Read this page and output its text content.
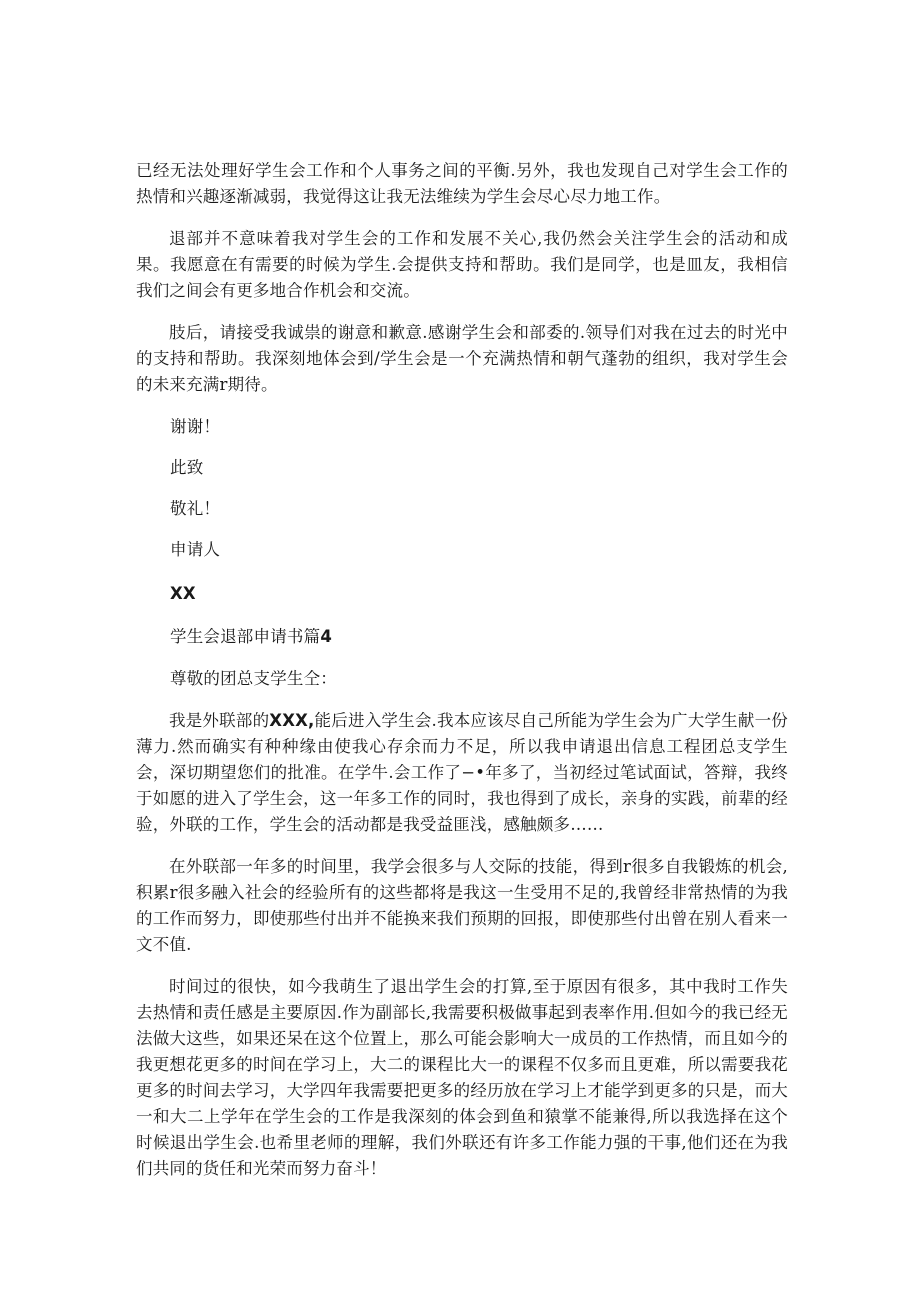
已经无法处理好学生会工作和个人事务之间的平衡.另外，我也发现自己对学生会工作的热情和兴趣逐渐减弱，我觉得这让我无法维续为学生会尽心尽力地工作。

退部并不意味着我对学生会的工作和发展不关心,我仍然会关注学生会的活动和成果。我愿意在有需要的时候为学生.会提供支持和帮助。我们是同学，也是皿友，我相信我们之间会有更多地合作机会和交流。

肢后，请接受我诚祟的谢意和歉意.感谢学生会和部委的.领导们对我在过去的时光中的支持和帮助。我深刻地体会到/学生会是一个充满热情和朝气蓬勃的组织，我对学生会的未来充满r期待。

谢谢！

此致

敬礼！

申请人

XX

学生会退部申请书篇4

尊敬的团总支学生仝：

我是外联部的XXX,能后进入学生会.我本应该尽自己所能为学生会为广大学生献一份薄力.然而确实有种种缘由使我心存余而力不足，所以我申请退出信息工程团总支学生会，深切期望您们的批准。在学牛.会工作了−•年多了，当初经过笔试面试，答辩，我终于如愿的进入了学生会，这一年多工作的同时，我也得到了成长，亲身的实践，前辈的经验，外联的工作，学生会的活动都是我受益匪浅，感触颇多……

在外联部一年多的时间里，我学会很多与人交际的技能，得到r很多自我锻炼的机会,积累r很多融入社会的经验所有的这些都将是我这一生受用不足的,我曾经非常热情的为我的工作而努力，即使那些付出并不能换来我们预期的回报，即使那些付出曾在别人看来一文不值.

时间过的很快，如今我萌生了退出学生会的打算,至于原因有很多，其中我时工作失去热情和责任感是主要原因.作为副部长,我需要积极做事起到表率作用.但如今的我已经无法做大这些，如果还呆在这个位置上，那么可能会影响大一成员的工作热情，而且如今的我更想花更多的时间在学习上，大二的课程比大一的课程不仅多而且更难，所以需要我花更多的时间去学习，大学四年我需要把更多的经历放在学习上才能学到更多的只是，而大一和大二上学年在学生会的工作是我深刻的体会到鱼和猿掌不能兼得,所以我选择在这个时候退出学生会.也希里老师的理解，我们外联还有许多工作能力强的干事,他们还在为我们共同的货任和光荣而努力奋斗！
